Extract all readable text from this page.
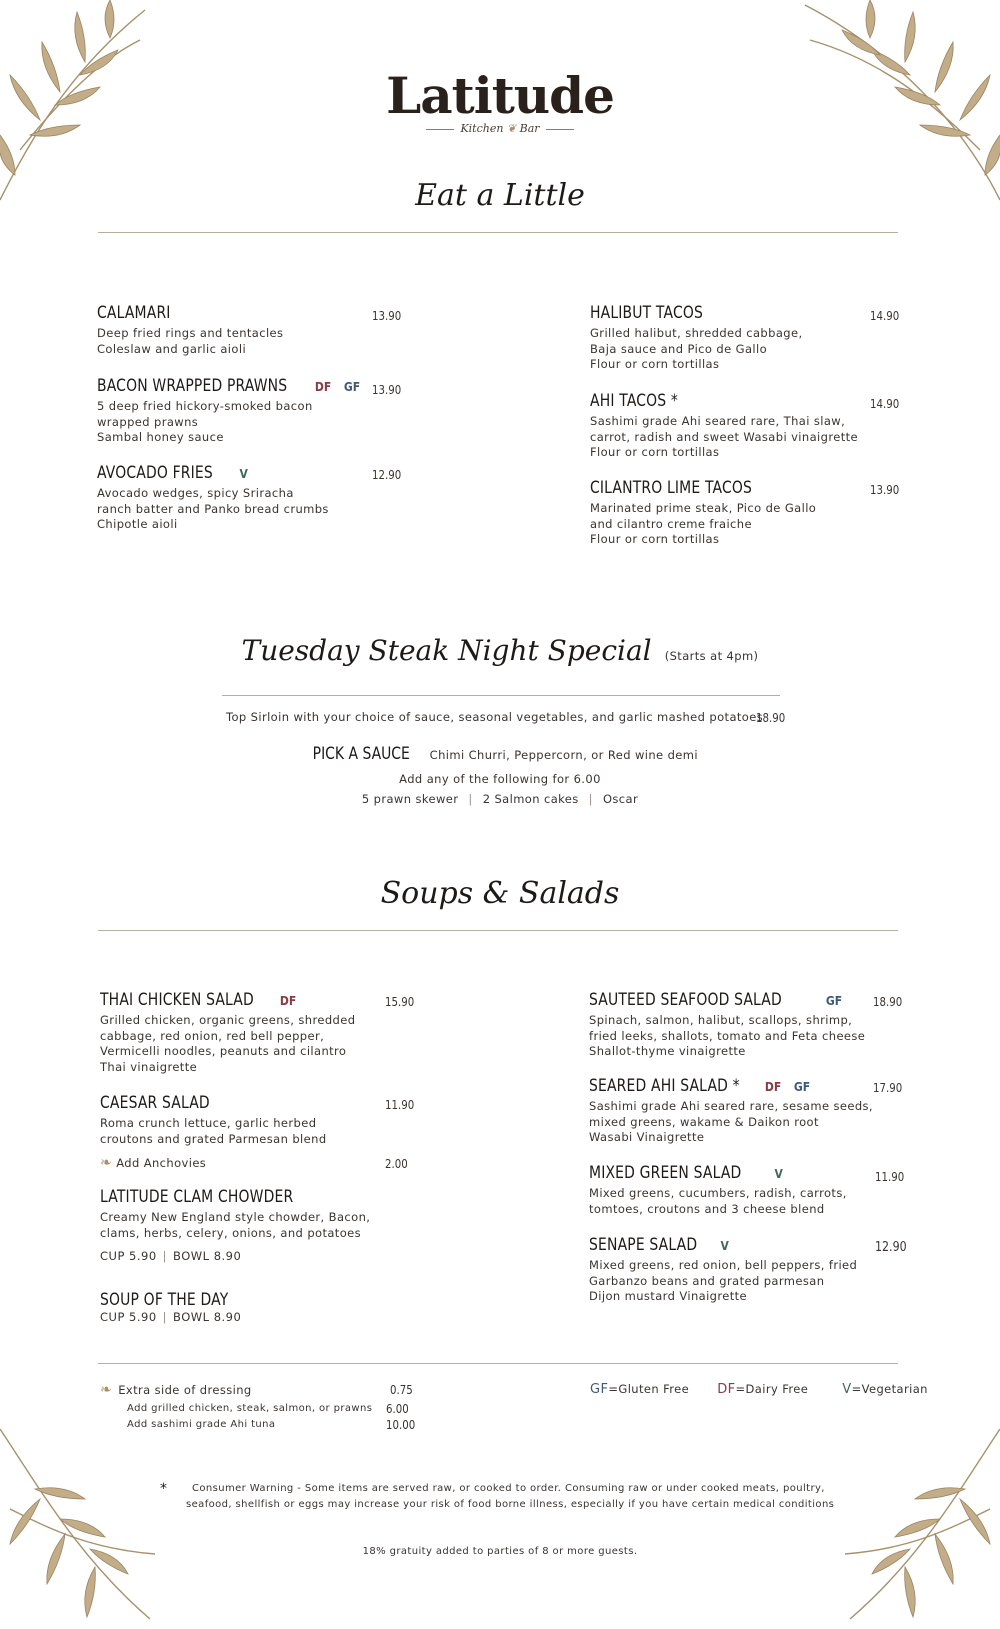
Latitude
Kitchen ❦ Bar
Eat a Little
CALAMARI
Deep fried rings and tentacles
Coleslaw and garlic aioli
13.90
BACON WRAPPED PRAWNS DF GF
5 deep fried hickory-smoked bacon
wrapped prawns
Sambal honey sauce
13.90
AVOCADO FRIES V
Avocado wedges, spicy Sriracha
ranch batter and Panko bread crumbs
Chipotle aioli
12.90
HALIBUT TACOS
Grilled halibut, shredded cabbage,
Baja sauce and Pico de Gallo
Flour or corn tortillas
14.90
AHI TACOS *
Sashimi grade Ahi seared rare, Thai slaw,
carrot, radish and sweet Wasabi vinaigrette
Flour or corn tortillas
14.90
CILANTRO LIME TACOS
Marinated prime steak, Pico de Gallo
and cilantro creme fraiche
Flour or corn tortillas
13.90
Tuesday Steak Night Special (Starts at 4pm)
Top Sirloin with your choice of sauce, seasonal vegetables, and garlic mashed potatoes
18.90
PICK A SAUCE Chimi Churri, Peppercorn, or Red wine demi
Add any of the following for 6.00
5 prawn skewer | 2 Salmon cakes | Oscar
Soups & Salads
THAI CHICKEN SALAD DF
Grilled chicken, organic greens, shredded
cabbage, red onion, red bell pepper,
Vermicelli noodles, peanuts and cilantro
Thai vinaigrette
15.90
CAESAR SALAD
Roma crunch lettuce, garlic herbed
croutons and grated Parmesan blend
11.90
❧ Add Anchovies	2.00
LATITUDE CLAM CHOWDER
Creamy New England style chowder, Bacon,
clams, herbs, celery, onions, and potatoes
CUP 5.90 | BOWL 8.90
SOUP OF THE DAY
CUP 5.90 | BOWL 8.90
SAUTEED SEAFOOD SALAD	GF
Spinach, salmon, halibut, scallops, shrimp,
fried leeks, shallots, tomato and Feta cheese
Shallot-thyme vinaigrette
18.90
SEARED AHI SALAD * DF GF
Sashimi grade Ahi seared rare, sesame seeds,
mixed greens, wakame & Daikon root
Wasabi Vinaigrette
17.90
MIXED GREEN SALAD	V
Mixed greens, cucumbers, radish, carrots,
tomtoes, croutons and 3 cheese blend
11.90
SENAPE SALAD V
Mixed greens, red onion, bell peppers, fried
Garbanzo beans and grated parmesan
Dijon mustard Vinaigrette
12.90
❧ Extra side of dressing	0.75
Add grilled chicken, steak, salmon, or prawns 6.00
Add sashimi grade Ahi tuna	10.00
GF=Gluten Free DF=Dairy Free	V=Vegetarian
*	Consumer Warning - Some items are served raw, or cooked to order. Consuming raw or under cooked meats, poultry,
seafood, shellfish or eggs may increase your risk of food borne illness, especially if you have certain medical conditions
18% gratuity added to parties of 8 or more guests.
